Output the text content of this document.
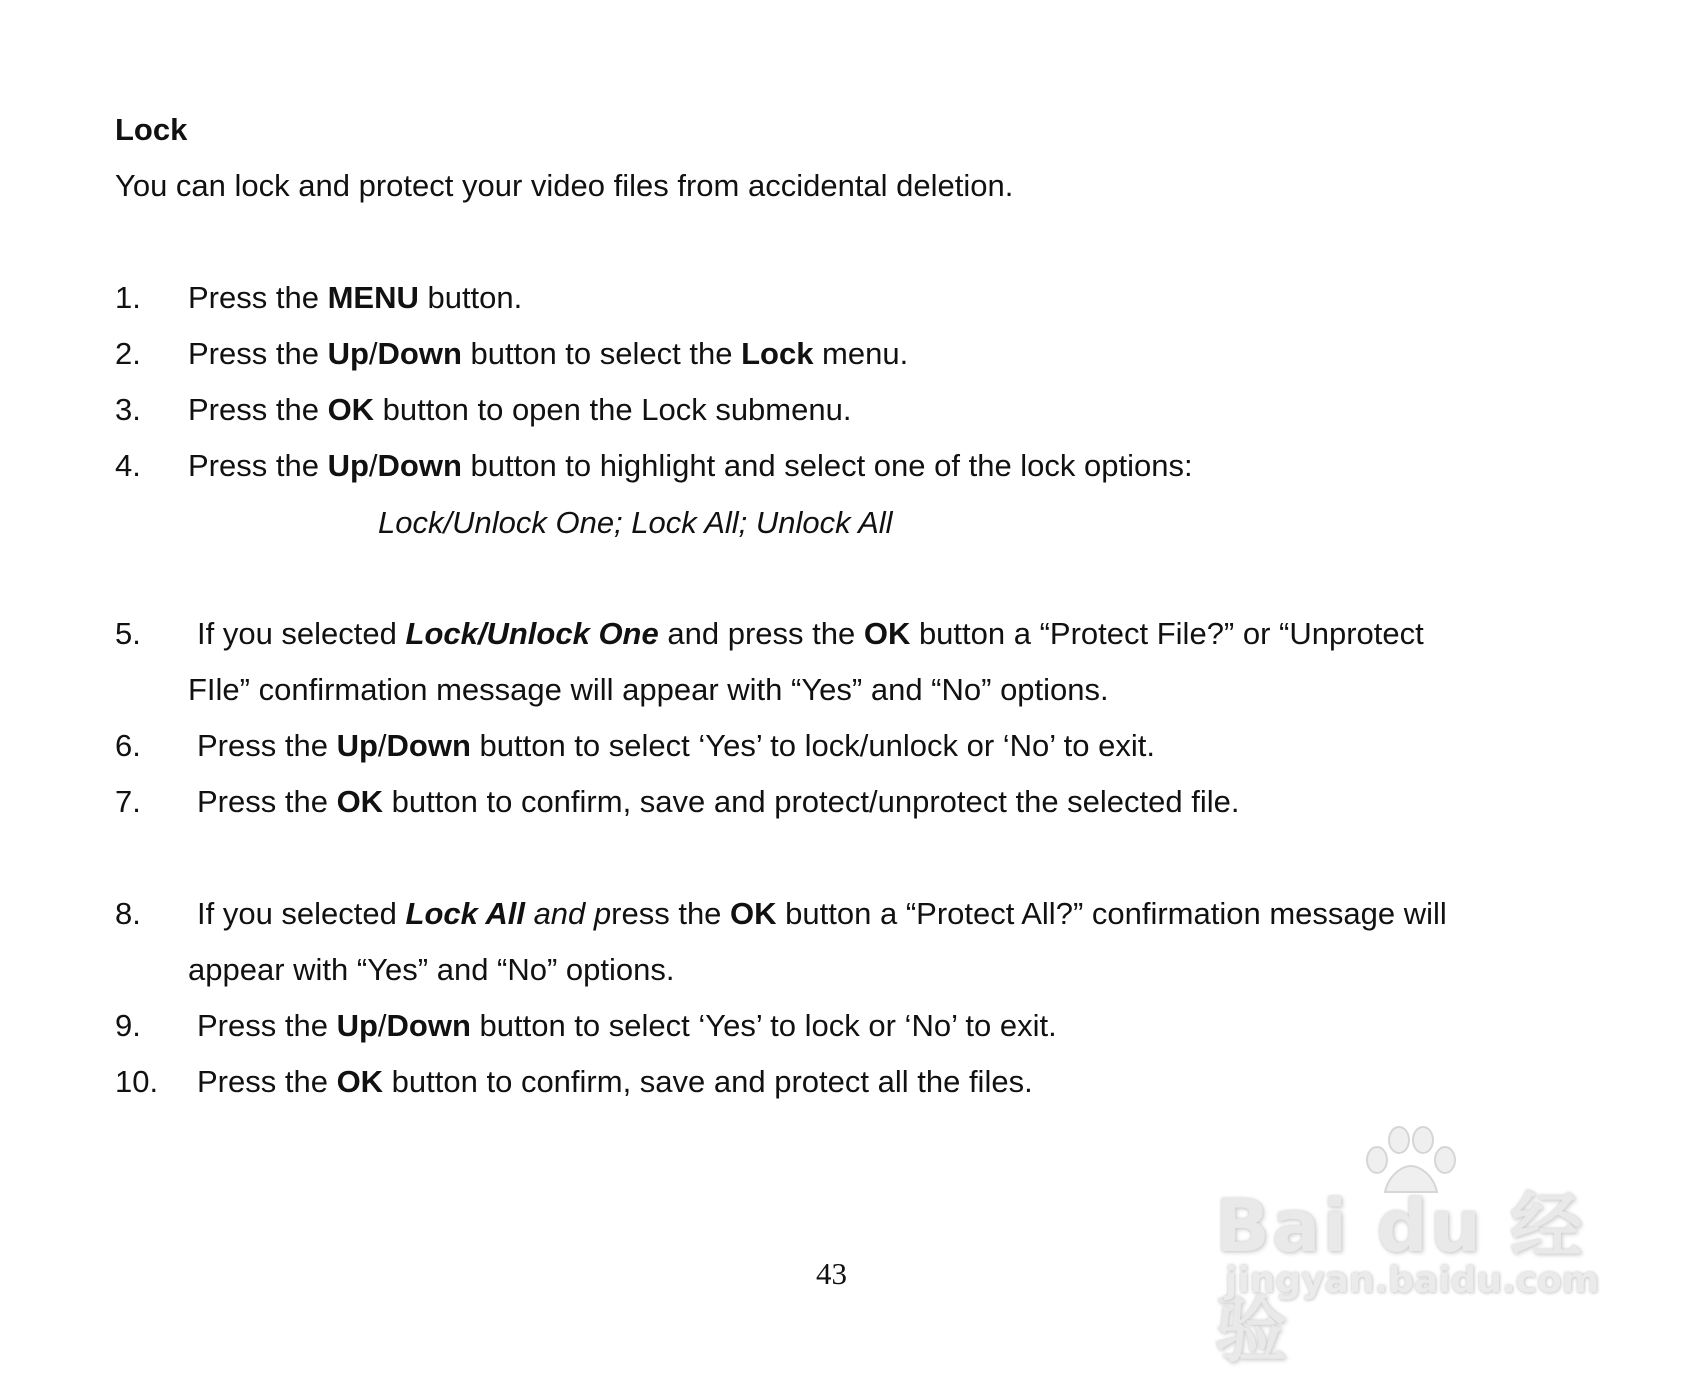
Lock
You can lock and protect your video files from accidental deletion.
1. Press the MENU button.
2. Press the Up/Down button to select the Lock menu.
3. Press the OK button to open the Lock submenu.
4. Press the Up/Down button to highlight and select one of the lock options:
Lock/Unlock One; Lock All; Unlock All
5. If you selected Lock/Unlock One and press the OK button a “Protect File?” or “Unprotect
FIle” confirmation message will appear with “Yes” and “No” options.
6. Press the Up/Down button to select ‘Yes’ to lock/unlock or ‘No’ to exit.
7. Press the OK button to confirm, save and protect/unprotect the selected file.
8. If you selected Lock All and press the OK button a “Protect All?” confirmation message will
appear with “Yes” and “No” options.
9. Press the Up/Down button to select ‘Yes’ to lock or ‘No’ to exit.
10. Press the OK button to confirm, save and protect all the files.
43
Bai du 经验
jingyan.baidu.com
